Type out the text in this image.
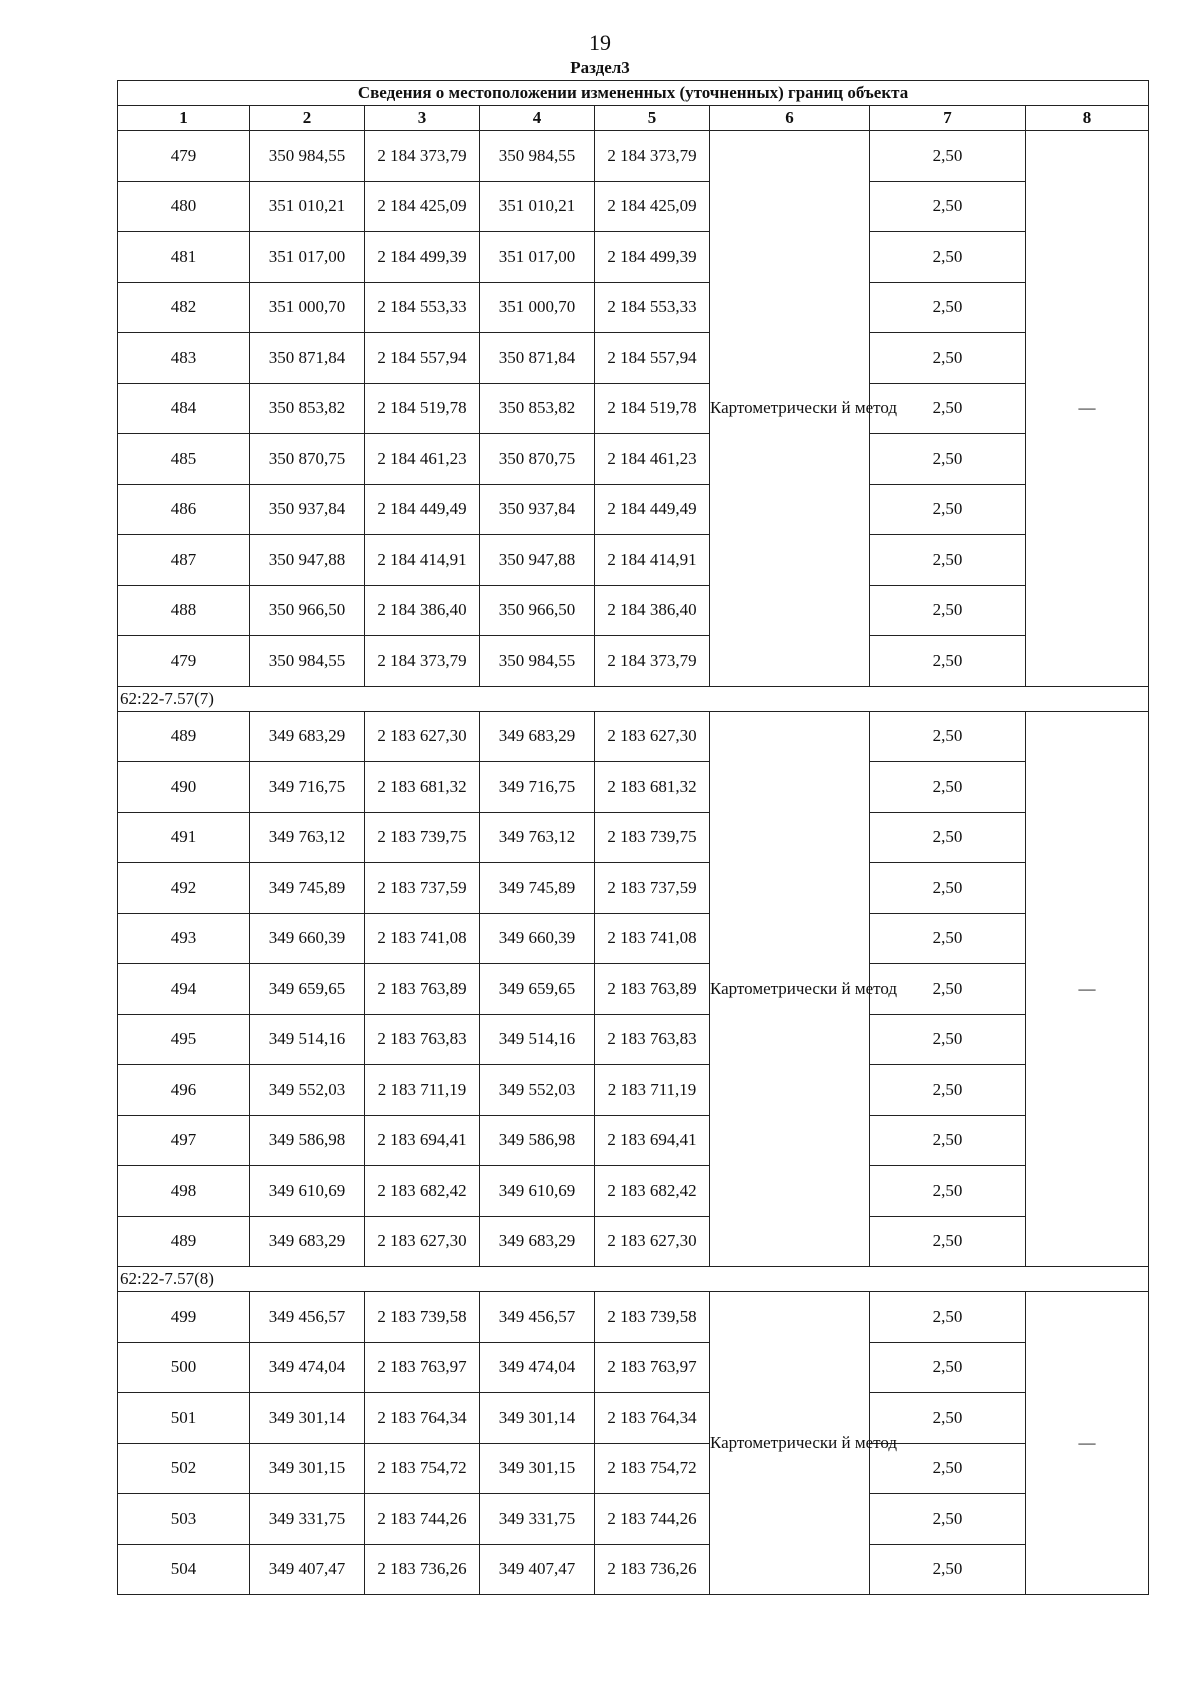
19
Раздел3
Сведения о местоположении измененных (уточненных) границ объекта							
1	2	3	4	5	6	7	8
479	350 984,55	2 184 373,79	350 984,55	2 184 373,79	Картометрически й метод	2,50	—
480	351 010,21	2 184 425,09	351 010,21	2 184 425,09		2,50	
481	351 017,00	2 184 499,39	351 017,00	2 184 499,39		2,50	
482	351 000,70	2 184 553,33	351 000,70	2 184 553,33		2,50	
483	350 871,84	2 184 557,94	350 871,84	2 184 557,94		2,50	
484	350 853,82	2 184 519,78	350 853,82	2 184 519,78		2,50	
485	350 870,75	2 184 461,23	350 870,75	2 184 461,23		2,50	
486	350 937,84	2 184 449,49	350 937,84	2 184 449,49		2,50	
487	350 947,88	2 184 414,91	350 947,88	2 184 414,91		2,50	
488	350 966,50	2 184 386,40	350 966,50	2 184 386,40		2,50	
479	350 984,55	2 184 373,79	350 984,55	2 184 373,79		2,50	
62:22-7.57(7)							
489	349 683,29	2 183 627,30	349 683,29	2 183 627,30	Картометрически й метод	2,50	—
490	349 716,75	2 183 681,32	349 716,75	2 183 681,32		2,50	
491	349 763,12	2 183 739,75	349 763,12	2 183 739,75		2,50	
492	349 745,89	2 183 737,59	349 745,89	2 183 737,59		2,50	
493	349 660,39	2 183 741,08	349 660,39	2 183 741,08		2,50	
494	349 659,65	2 183 763,89	349 659,65	2 183 763,89		2,50	
495	349 514,16	2 183 763,83	349 514,16	2 183 763,83		2,50	
496	349 552,03	2 183 711,19	349 552,03	2 183 711,19		2,50	
497	349 586,98	2 183 694,41	349 586,98	2 183 694,41		2,50	
498	349 610,69	2 183 682,42	349 610,69	2 183 682,42		2,50	
489	349 683,29	2 183 627,30	349 683,29	2 183 627,30		2,50	
62:22-7.57(8)							
499	349 456,57	2 183 739,58	349 456,57	2 183 739,58	Картометрически й метод	2,50	—
500	349 474,04	2 183 763,97	349 474,04	2 183 763,97		2,50	
501	349 301,14	2 183 764,34	349 301,14	2 183 764,34		2,50	
502	349 301,15	2 183 754,72	349 301,15	2 183 754,72		2,50	
503	349 331,75	2 183 744,26	349 331,75	2 183 744,26		2,50	
504	349 407,47	2 183 736,26	349 407,47	2 183 736,26		2,50	
